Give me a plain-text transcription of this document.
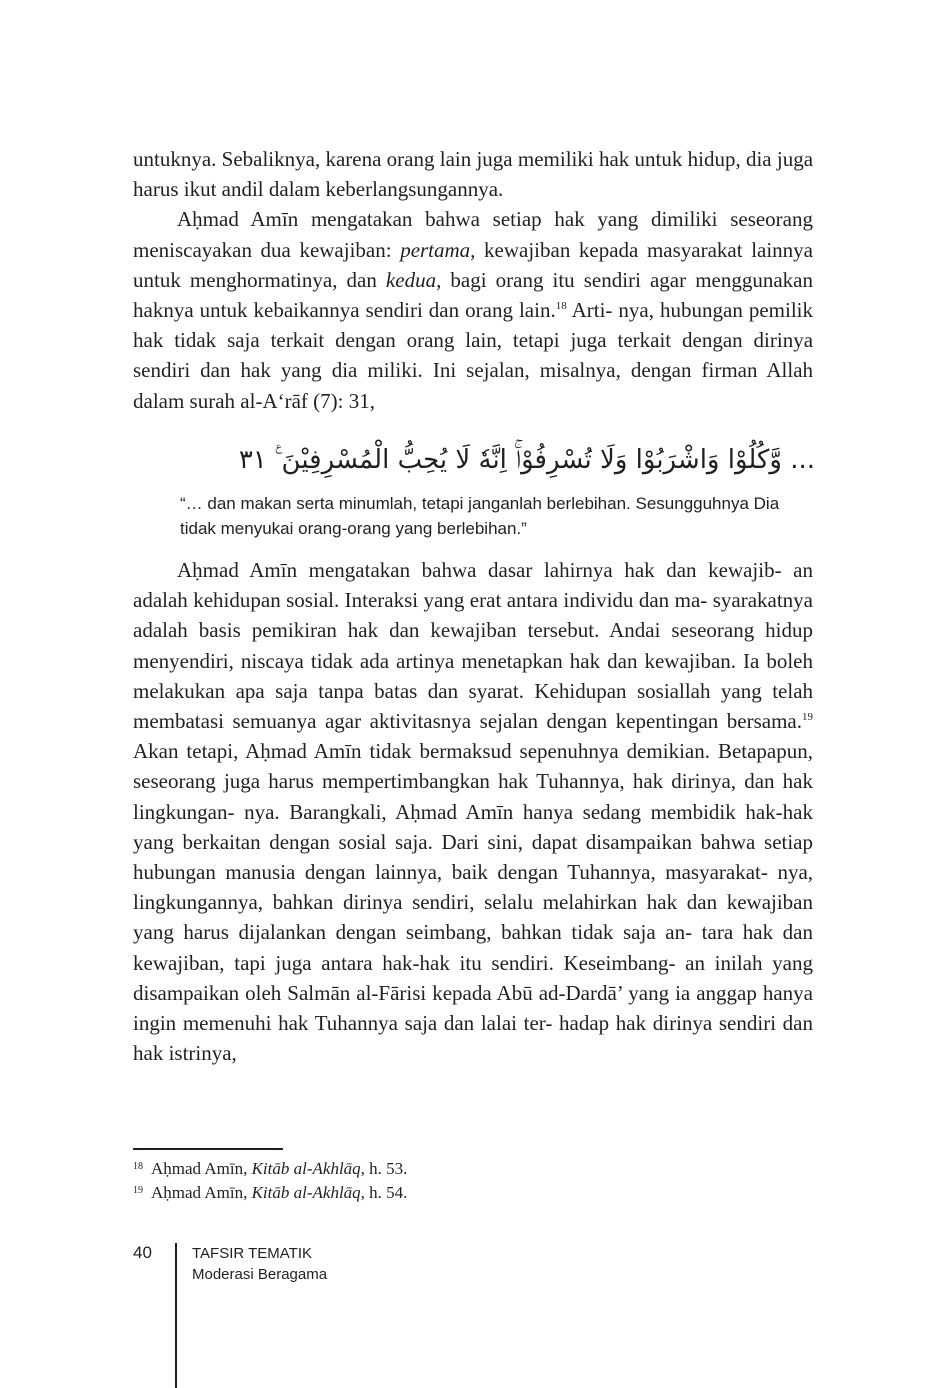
untuknya. Sebaliknya, karena orang lain juga memiliki hak untuk hidup, dia juga harus ikut andil dalam keberlangsungannya.

Aḥmad Amīn mengatakan bahwa setiap hak yang dimiliki seseorang meniscayakan dua kewajiban: pertama, kewajiban kepada masyarakat lainnya untuk menghormatinya, dan kedua, bagi orang itu sendiri agar menggunakan haknya untuk kebaikannya sendiri dan orang lain.$^{18}$ Arti- nya, hubungan pemilik hak tidak saja terkait dengan orang lain, tetapi juga terkait dengan dirinya sendiri dan hak yang dia miliki. Ini sejalan, misalnya, dengan firman Allah dalam surah al-A‘rāf (7): 31,

... وَّكُلُوْا وَاشْرَبُوْا وَلَا تُسْرِفُوْاۚ اِنَّهٗ لَا يُحِبُّ الْمُسْرِفِيْنَ ࣖ ٣١
“… dan makan serta minumlah, tetapi janganlah berlebihan. Sesungguhnya Dia tidak menyukai orang-orang yang berlebihan.”

Aḥmad Amīn mengatakan bahwa dasar lahirnya hak dan kewajib- an adalah kehidupan sosial. Interaksi yang erat antara individu dan ma- syarakatnya adalah basis pemikiran hak dan kewajiban tersebut. Andai seseorang hidup menyendiri, niscaya tidak ada artinya menetapkan hak dan kewajiban. Ia boleh melakukan apa saja tanpa batas dan syarat. Kehidupan sosiallah yang telah membatasi semuanya agar aktivitasnya sejalan dengan kepentingan bersama.$^{19}$ Akan tetapi, Aḥmad Amīn tidak bermaksud sepenuhnya demikian. Betapapun, seseorang juga harus mempertimbangkan hak Tuhannya, hak dirinya, dan hak lingkungan- nya. Barangkali, Aḥmad Amīn hanya sedang membidik hak-hak yang berkaitan dengan sosial saja. Dari sini, dapat disampaikan bahwa setiap hubungan manusia dengan lainnya, baik dengan Tuhannya, masyarakat- nya, lingkungannya, bahkan dirinya sendiri, selalu melahirkan hak dan kewajiban yang harus dijalankan dengan seimbang, bahkan tidak saja an- tara hak dan kewajiban, tapi juga antara hak-hak itu sendiri. Keseimbang- an inilah yang disampaikan oleh Salmān al-Fārisi kepada Abū ad-Dardā’ yang ia anggap hanya ingin memenuhi hak Tuhannya saja dan lalai ter- hadap hak dirinya sendiri dan hak istrinya,

18 Aḥmad Amīn, Kitāb al-Akhlāq, h. 53.
19 Aḥmad Amīn, Kitāb al-Akhlāq, h. 54.
40	TAFSIR TEMATIK
Moderasi Beragama
